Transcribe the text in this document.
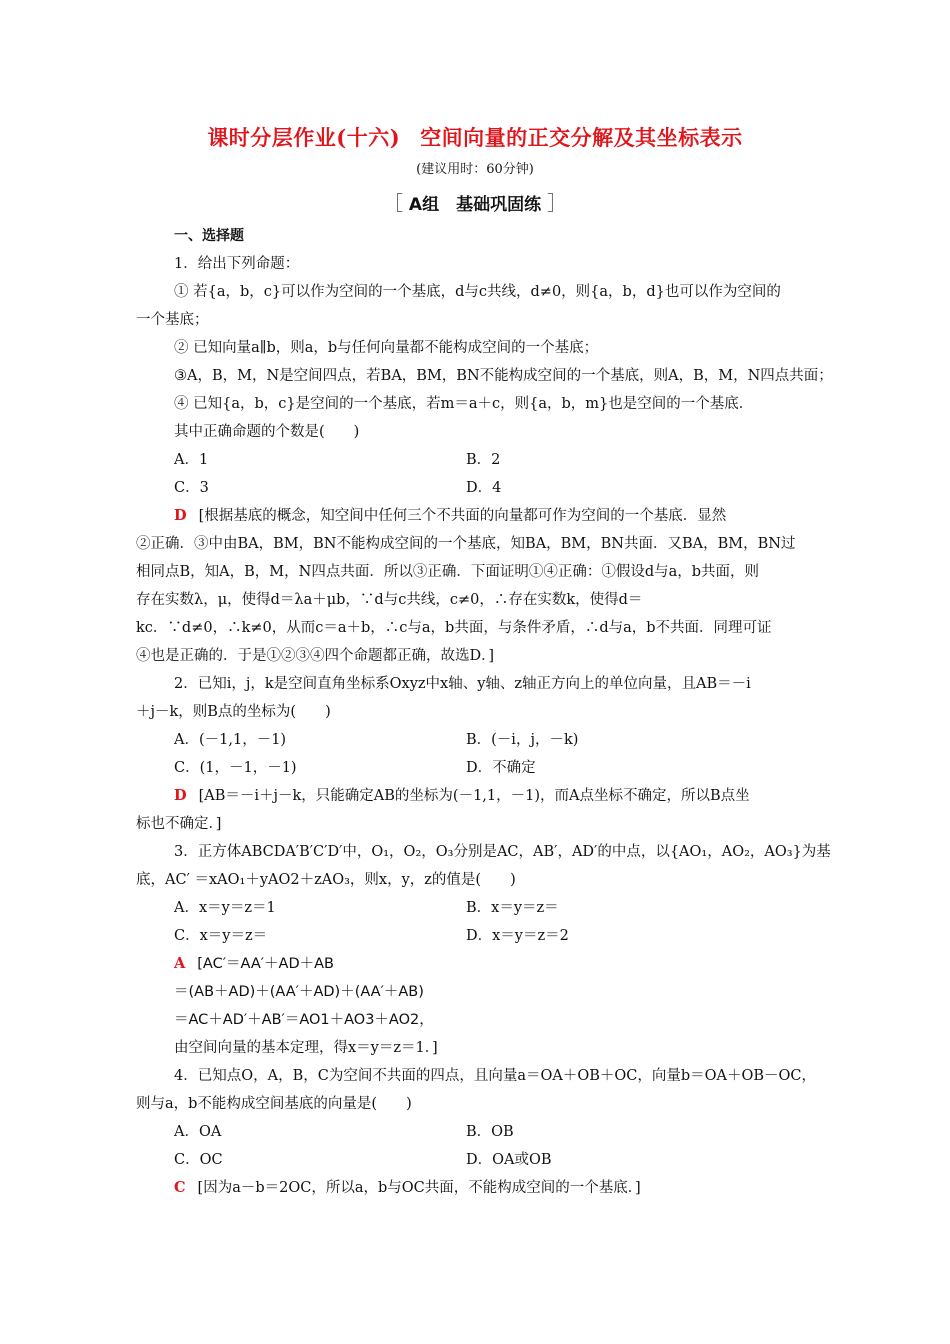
课时分层作业(十六) 空间向量的正交分解及其坐标表示
(建议用时：60分钟)
［ A组　基础巩固练 ］
一、选择题
1．给出下列命题：
① 若{a，b，c}可以作为空间的一个基底，d与c共线，d≠0，则{a，b，d}也可以作为空间的
一个基底；
② 已知向量a∥b，则a，b与任何向量都不能构成空间的一个基底；
③A，B，M，N是空间四点，若BA，BM，BN不能构成空间的一个基底，则A，B，M，N四点共面；
④ 已知{a，b，c}是空间的一个基底，若m＝a＋c，则{a，b，m}也是空间的一个基底．
其中正确命题的个数是(　　)
A．1	B．2
C．3	D．4
D [根据基底的概念，知空间中任何三个不共面的向量都可作为空间的一个基底．显然
②正确．③中由BA，BM，BN不能构成空间的一个基底，知BA，BM，BN共面．又BA，BM，BN过
相同点B，知A，B，M，N四点共面．所以③正确．下面证明①④正确：①假设d与a，b共面，则
存在实数λ，μ，使得d＝λa＋μb，∵d与c共线，c≠0，∴存在实数k，使得d＝
kc．∵d≠0，∴k≠0，从而c＝a＋b，∴c与a，b共面，与条件矛盾，∴d与a，b不共面．同理可证
④也是正确的．于是①②③④四个命题都正确，故选D．]
2．已知i，j，k是空间直角坐标系Oxyz中x轴、y轴、z轴正方向上的单位向量，且AB＝－i
＋j－k，则B点的坐标为(　　)
A．(－1,1，－1)	B．(－i，j，－k)
C．(1，－1，－1)	D．不确定
D [AB＝－i＋j－k，只能确定AB的坐标为(－1,1，－1)，而A点坐标不确定，所以B点坐
标也不确定．]
3．正方体ABCDA′B′C′D′中，O₁，O₂，O₃分别是AC，AB′，AD′的中点，以{AO₁，AO₂，AO₃}为基
底，AC′ ＝xAO₁＋yAO2＋zAO₃，则x，y，z的值是(　　)
A．x＝y＝z＝1	B．x＝y＝z＝
C．x＝y＝z＝	D．x＝y＝z＝2
A [AC′＝AA′＋AD＋AB
＝(AB＋AD)＋(AA′＋AD)＋(AA′＋AB)
＝AC＋AD′＋AB′＝AO1＋AO3＋AO2，
由空间向量的基本定理，得x＝y＝z＝1．]
4．已知点O，A，B，C为空间不共面的四点，且向量a＝OA＋OB＋OC，向量b＝OA＋OB－OC，
则与a，b不能构成空间基底的向量是(　　)
A．OA	B．OB
C．OC	D．OA或OB
C [因为a－b＝2OC，所以a，b与OC共面，不能构成空间的一个基底．]
